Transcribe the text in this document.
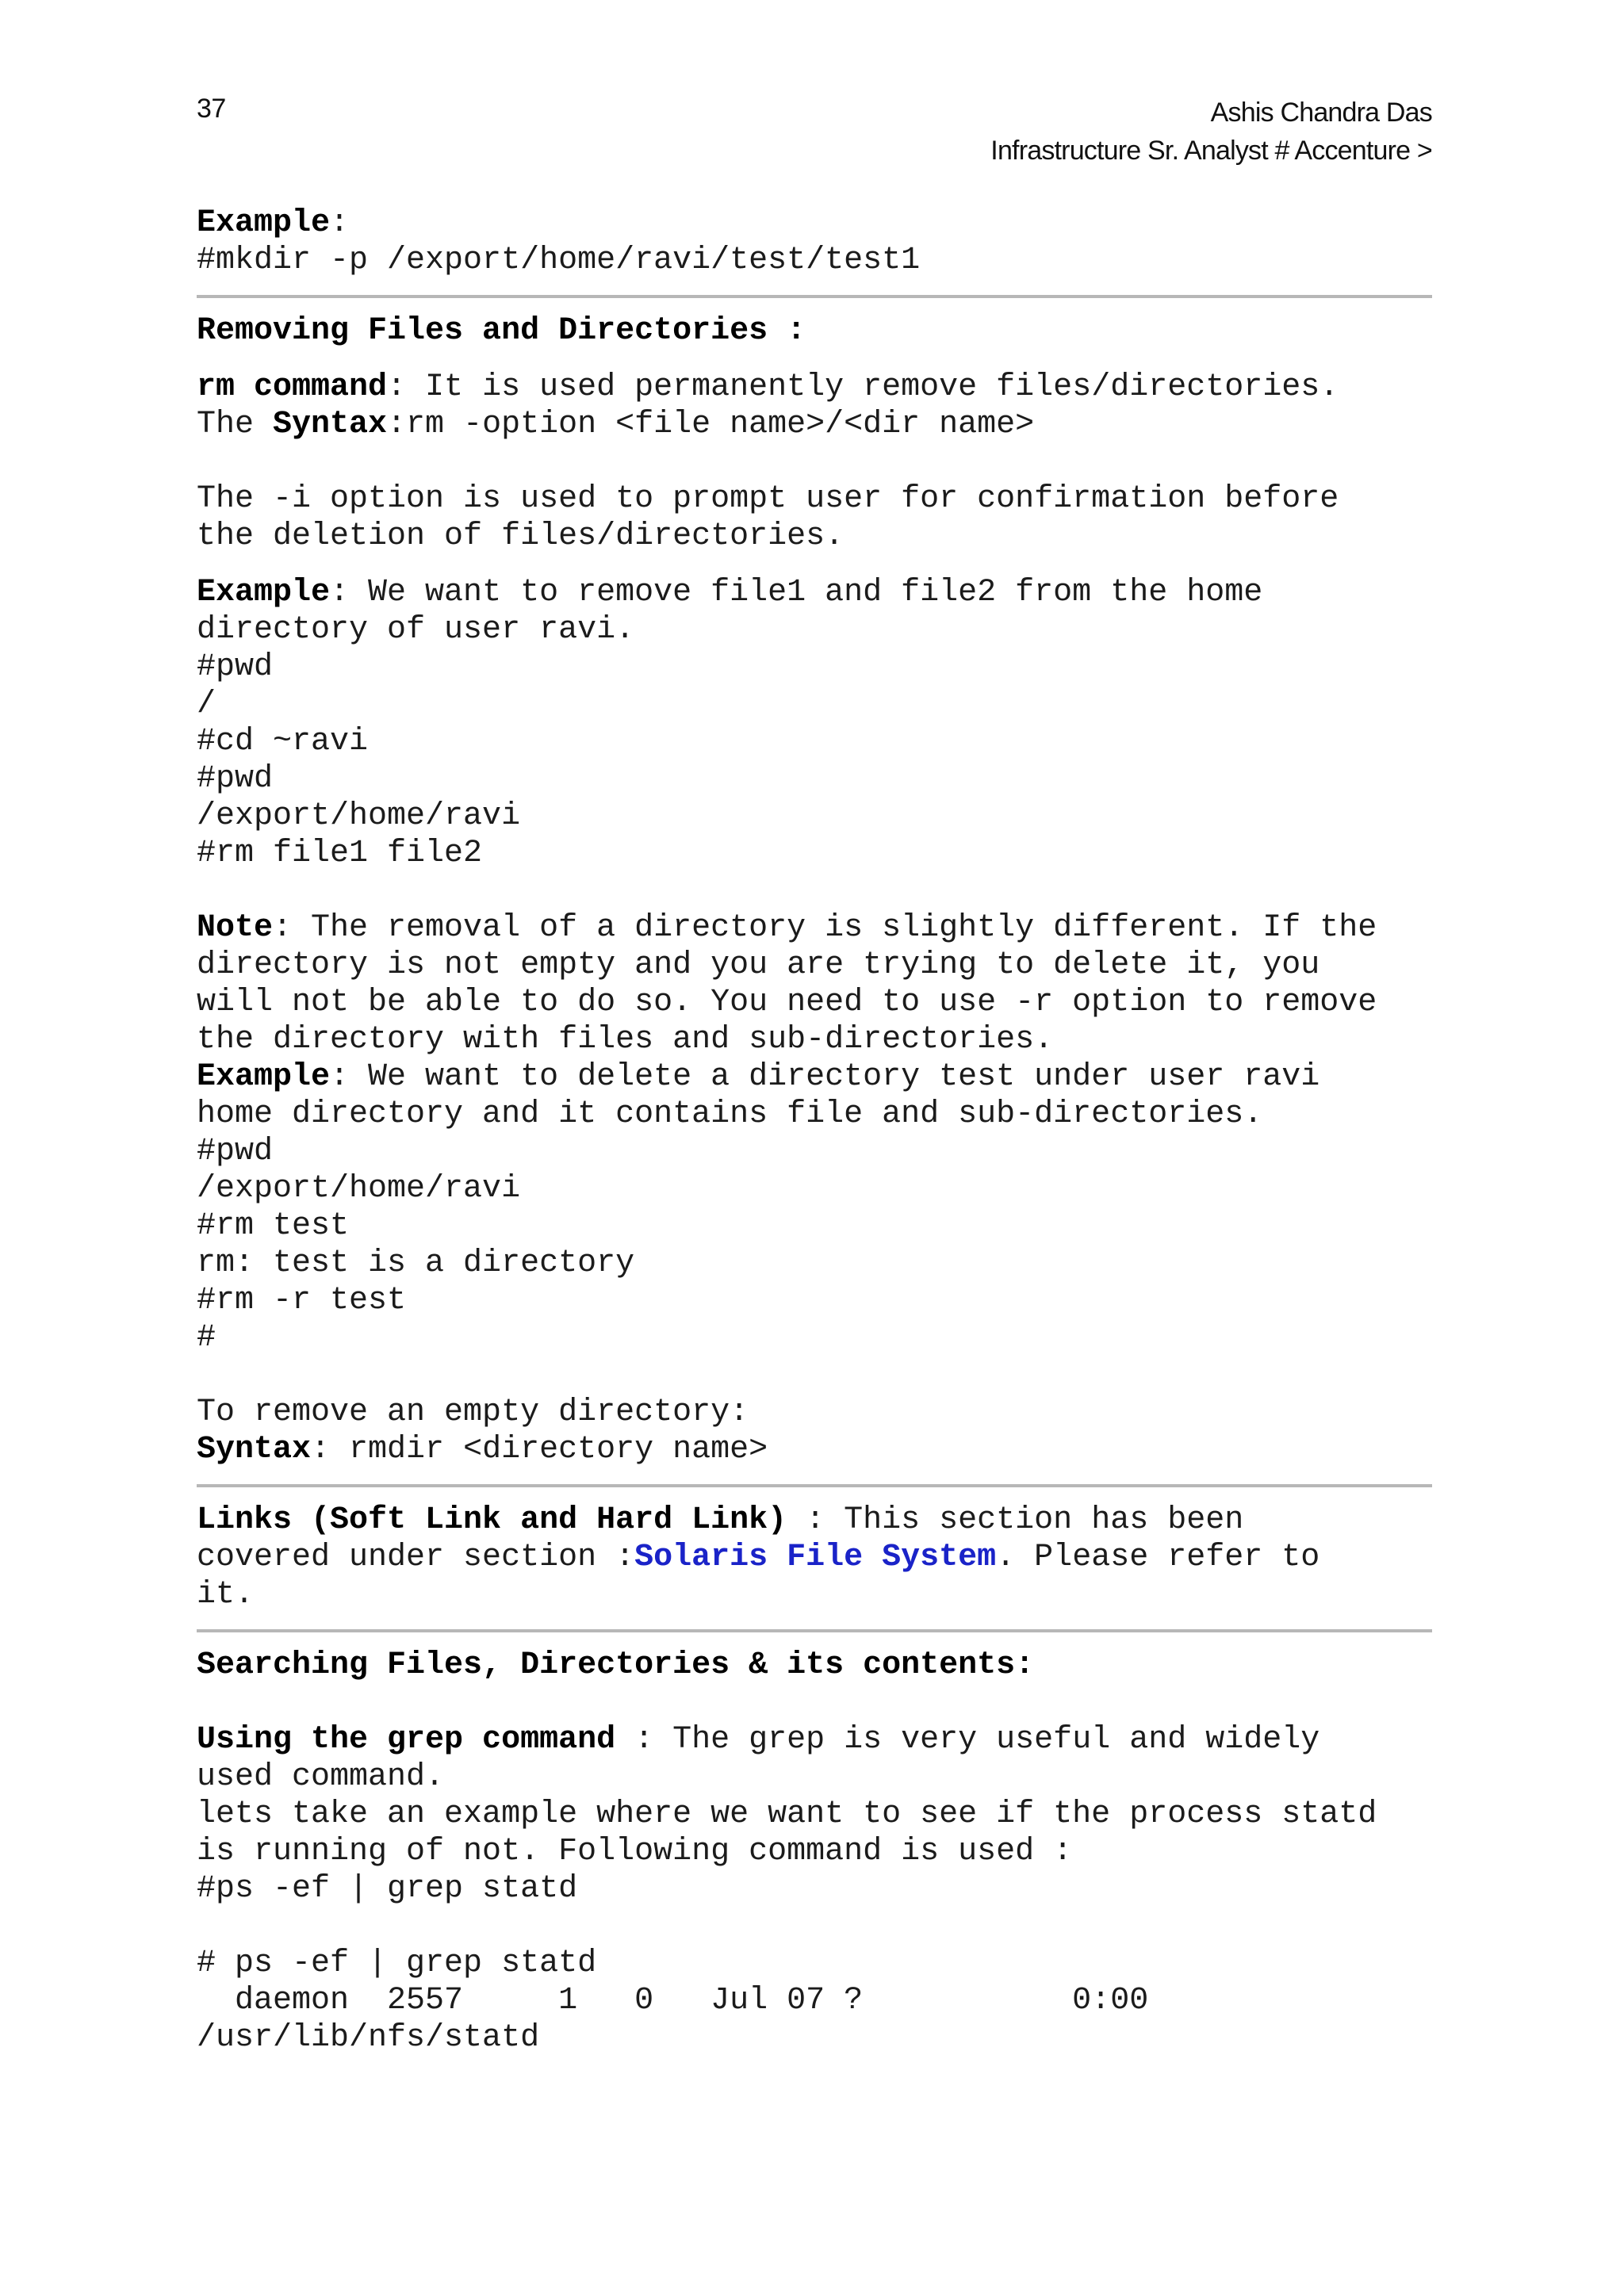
37	Ashis Chandra Das
Infrastructure Sr. Analyst # Accenture >
Example:
#mkdir -p /export/home/ravi/test/test1
Removing Files and Directories :
rm command: It is used permanently remove files/directories.
The Syntax:rm -option <file name>/<dir name>
The -i option is used to prompt user for confirmation before
the deletion of files/directories.
Example: We want to remove file1 and file2 from the home
directory of user ravi.
#pwd
/
#cd ~ravi
#pwd
/export/home/ravi
#rm file1 file2
Note: The removal of a directory is slightly different. If the
directory is not empty and you are trying to delete it, you
will not be able to do so. You need to use -r option to remove
the directory with files and sub-directories.
Example: We want to delete a directory test under user ravi
home directory and it contains file and sub-directories.
#pwd
/export/home/ravi
#rm test
rm: test is a directory
#rm -r test
#
To remove an empty directory:
Syntax: rmdir <directory name>
Links (Soft Link and Hard Link) : This section has been
covered under section :Solaris File System. Please refer to
it.
Searching Files, Directories & its contents:
Using the grep command : The grep is very useful and widely
used command.
lets take an example where we want to see if the process statd
is running of not. Following command is used :
#ps -ef | grep statd
# ps -ef | grep statd
daemon  2557     1   0   Jul 07 ?           0:00
/usr/lib/nfs/statd
